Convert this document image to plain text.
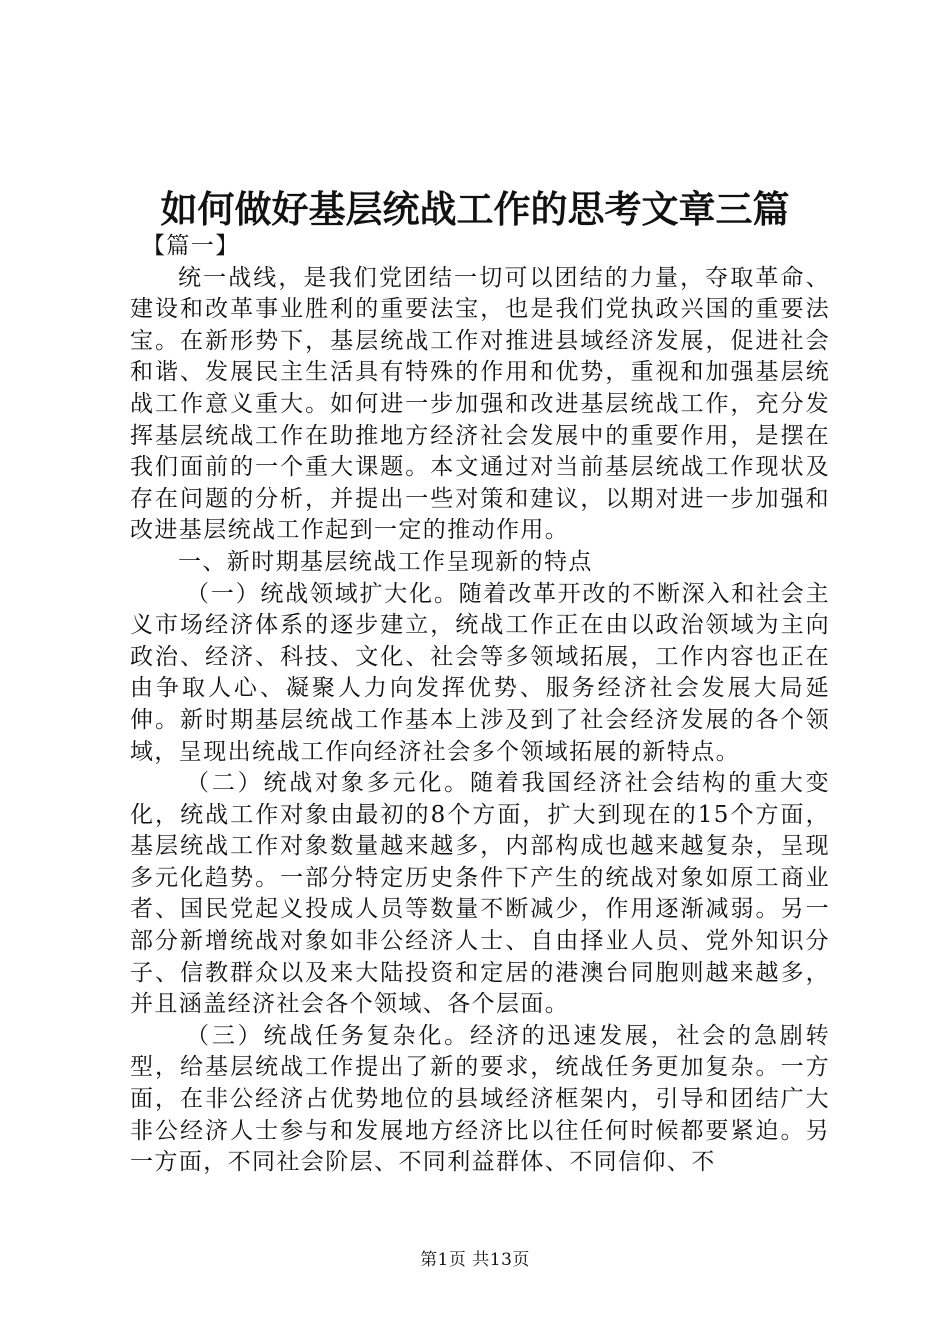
如何做好基层统战工作的思考文章三篇

【篇一】

统一战线，是我们党团结一切可以团结的力量，夺取革命、建设和改革事业胜利的重要法宝，也是我们党执政兴国的重要法宝。在新形势下，基层统战工作对推进县域经济发展，促进社会和谐、发展民主生活具有特殊的作用和优势，重视和加强基层统战工作意义重大。如何进一步加强和改进基层统战工作，充分发挥基层统战工作在助推地方经济社会发展中的重要作用，是摆在我们面前的一个重大课题。本文通过对当前基层统战工作现状及存在问题的分析，并提出一些对策和建议，以期对进一步加强和改进基层统战工作起到一定的推动作用。

一、新时期基层统战工作呈现新的特点

（一）统战领域扩大化。随着改革开改的不断深入和社会主义市场经济体系的逐步建立，统战工作正在由以政治领域为主向政治、经济、科技、文化、社会等多领域拓展，工作内容也正在由争取人心、凝聚人力向发挥优势、服务经济社会发展大局延伸。新时期基层统战工作基本上涉及到了社会经济发展的各个领域，呈现出统战工作向经济社会多个领域拓展的新特点。

（二）统战对象多元化。随着我国经济社会结构的重大变化，统战工作对象由最初的8个方面，扩大到现在的15个方面，基层统战工作对象数量越来越多，内部构成也越来越复杂，呈现多元化趋势。一部分特定历史条件下产生的统战对象如原工商业者、国民党起义投成人员等数量不断减少，作用逐渐减弱。另一部分新增统战对象如非公经济人士、自由择业人员、党外知识分子、信教群众以及来大陆投资和定居的港澳台同胞则越来越多，并且涵盖经济社会各个领域、各个层面。

（三）统战任务复杂化。经济的迅速发展，社会的急剧转型，给基层统战工作提出了新的要求，统战任务更加复杂。一方面，在非公经济占优势地位的县域经济框架内，引导和团结广大非公经济人士参与和发展地方经济比以往任何时候都要紧迫。另一方面，不同社会阶层、不同利益群体、不同信仰、不

第1页 共13页
